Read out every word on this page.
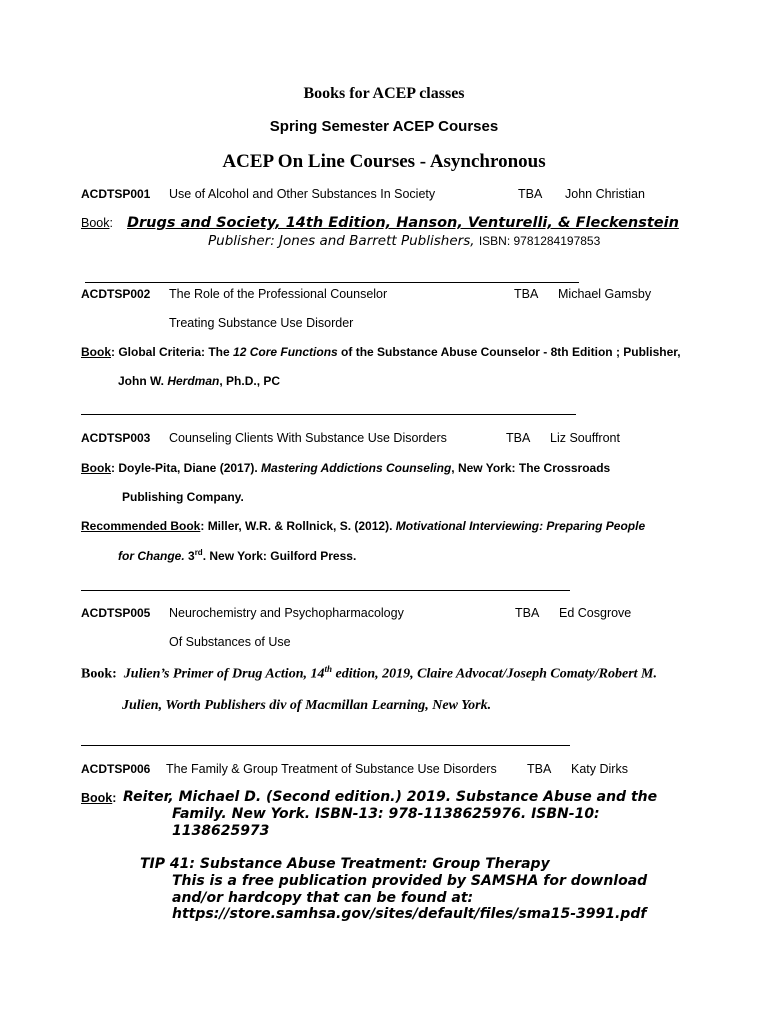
Books for ACEP classes
Spring Semester ACEP Courses
ACEP On Line Courses - Asynchronous
ACDTSP001 Use of Alcohol and Other Substances In Society	TBA John Christian
Book: Drugs and Society, 14th Edition, Hanson, Venturelli, & Fleckenstein
Publisher: Jones and Barrett Publishers, ISBN: 9781284197853
ACDTSP002 The Role of the Professional Counselor	TBA Michael Gamsby
Treating Substance Use Disorder
Book: Global Criteria: The 12 Core Functions of the Substance Abuse Counselor - 8th Edition ; Publisher,
John W. Herdman, Ph.D., PC
ACDTSP003 Counseling Clients With Substance Use Disorders	TBA Liz Souffront
Book: Doyle-Pita, Diane (2017). Mastering Addictions Counseling, New York: The Crossroads
Publishing Company.
Recommended Book: Miller, W.R. & Rollnick, S. (2012). Motivational Interviewing: Preparing People
for Change. 3rd. New York: Guilford Press.
ACDTSP005 Neurochemistry and Psychopharmacology	TBA Ed Cosgrove
Of Substances of Use
Book: Julien’s Primer of Drug Action, 14th edition, 2019, Claire Advocat/Joseph Comaty/Robert M.
Julien, Worth Publishers div of Macmillan Learning, New York.
ACDTSP006 The Family & Group Treatment of Substance Use Disorders TBA Katy Dirks
Book: Reiter, Michael D. (Second edition.) 2019. Substance Abuse and the
Family. New York. ISBN-13: 978-1138625976. ISBN-10:
1138625973
TIP 41: Substance Abuse Treatment: Group Therapy
This is a free publication provided by SAMSHA for download
and/or hardcopy that can be found at:
https://store.samhsa.gov/sites/default/files/sma15-3991.pdf
